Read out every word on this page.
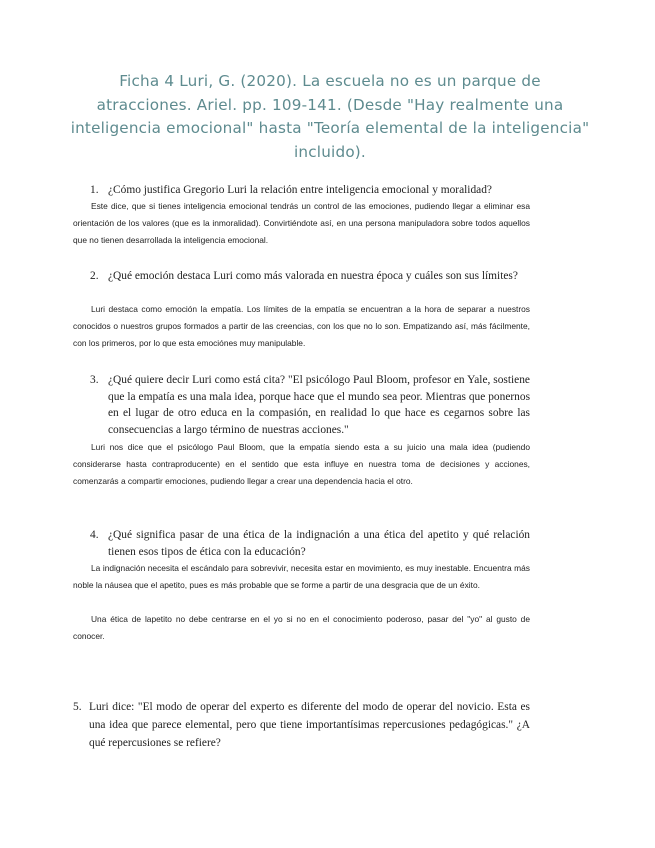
Ficha 4 Luri, G. (2020). La escuela no es un parque de atracciones. Ariel. pp. 109-141. (Desde "Hay realmente una inteligencia emocional" hasta "Teoría elemental de la inteligencia" incluido).
1. ¿Cómo justifica Gregorio Luri la relación entre inteligencia emocional y moralidad?
Este dice, que si tienes inteligencia emocional tendrás un control de las emociones, pudiendo llegar a eliminar esa orientación de los valores (que es la inmoralidad). Convirtiéndote así, en una persona manipuladora sobre todos aquellos que no tienen desarrollada la inteligencia emocional.
2. ¿Qué emoción destaca Luri como más valorada en nuestra época y cuáles son sus límites?
Luri destaca como emoción la empatía. Los límites de la empatía se encuentran a la hora de separar a nuestros conocidos o nuestros grupos formados a partir de las creencias, con los que no lo son. Empatizando así, más fácilmente, con los primeros, por lo que esta emociónes muy manipulable.
3. ¿Qué quiere decir Luri como está cita? "El psicólogo Paul Bloom, profesor en Yale, sostiene que la empatía es una mala idea, porque hace que el mundo sea peor. Mientras que ponernos en el lugar de otro educa en la compasión, en realidad lo que hace es cegarnos sobre las consecuencias a largo término de nuestras acciones."
Luri nos dice que el psicólogo Paul Bloom, que la empatía siendo esta a su juicio una mala idea (pudiendo considerarse hasta contraproducente) en el sentido que esta influye en nuestra toma de decisiones y acciones, comenzarás a compartir emociones, pudiendo llegar a crear una dependencia hacia el otro.
4. ¿Qué significa pasar de una ética de la indignación a una ética del apetito y qué relación tienen esos tipos de ética con la educación?
La indignación necesita el escándalo para sobrevivir, necesita estar en movimiento, es muy inestable. Encuentra más noble la náusea que el apetito, pues es más probable que se forme a partir de una desgracia que de un éxito.
Una ética de lapetito no debe centrarse en el yo si no en el conocimiento poderoso, pasar del "yo" al gusto de conocer.
5. Luri dice: "El modo de operar del experto es diferente del modo de operar del novicio. Esta es una idea que parece elemental, pero que tiene importantísimas repercusiones pedagógicas." ¿A qué repercusiones se refiere?
